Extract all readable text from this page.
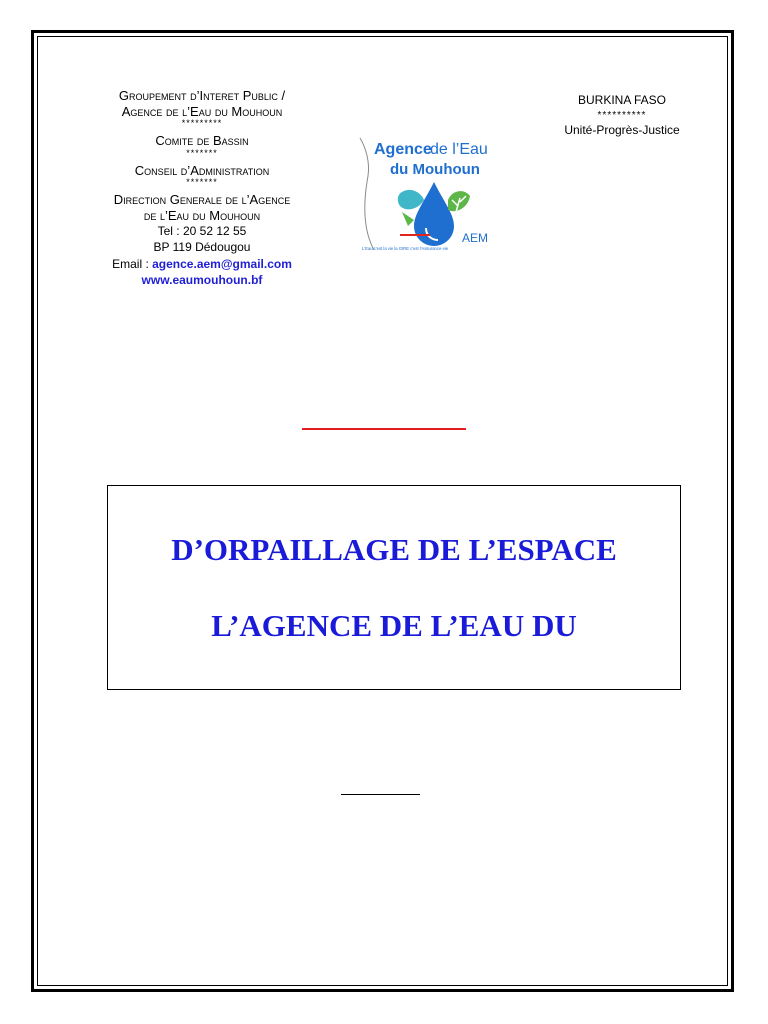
Groupement d’Interet Public /

Agence de l’Eau du Mouhoun

*********

Comite de Bassin

*******

Conseil d’Administration

*******

Direction Generale de l’Agence

de l’Eau du Mouhoun

Tel : 20 52 12 55
BP 119 Dédougou
Email : agence.aem@gmail.com
www.eaumouhoun.bf
BURKINA FASO
**********
Unité-Progrès-Justice
Agence
de l’Eau
du Mouhoun
AEM
L'Eau c'est la vie la GIRE c'est l'Assurance-vie
D’ORPAILLAGE DE L’ESPACE
L’AGENCE DE L’EAU DU
